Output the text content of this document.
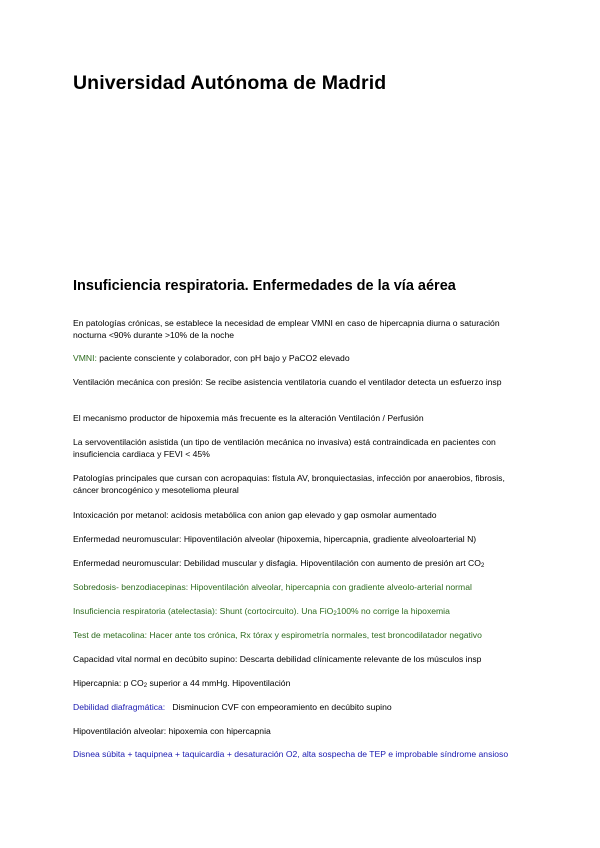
Universidad Autónoma de Madrid
Insuficiencia respiratoria. Enfermedades de la vía aérea

En patologías crónicas, se establece la necesidad de emplear VMNI en caso de hipercapnia diurna o saturación nocturna <90% durante >10% de la noche

VMNI: paciente consciente y colaborador, con pH bajo y PaCO2 elevado

Ventilación mecánica con presión: Se recibe asistencia ventilatoria cuando el ventilador detecta un esfuerzo insp

El mecanismo productor de hipoxemia más frecuente es la alteración Ventilación / Perfusión

La servoventilación asistida (un tipo de ventilación mecánica no invasiva) está contraindicada en pacientes con insuficiencia cardiaca y FEVI < 45%

Patologías principales que cursan con acropaquias: fístula AV, bronquiectasias, infección por anaerobios, fibrosis, cáncer broncogénico y mesotelioma pleural

Intoxicación por metanol: acidosis metabólica con anion gap elevado y gap osmolar aumentado

Enfermedad neuromuscular: Hipoventilación alveolar (hipoxemia, hipercapnia, gradiente alveoloarterial N)

Enfermedad neuromuscular: Debilidad muscular y disfagia. Hipoventilación con aumento de presión art CO2

Sobredosis- benzodiacepinas: Hipoventilación alveolar, hipercapnia con gradiente alveolo-arterial normal

Insuficiencia respiratoria (atelectasia): Shunt (cortocircuito). Una FiO2100% no corrige la hipoxemia

Test de metacolina: Hacer ante tos crónica, Rx tórax y espirometría normales, test broncodilatador negativo

Capacidad vital normal en decúbito supino: Descarta debilidad clínicamente relevante de los músculos insp

Hipercapnia: p CO2 superior a 44 mmHg. Hipoventilación

Debilidad diafragmática:   Disminucion CVF con empeoramiento en decúbito supino

Hipoventilación alveolar: hipoxemia con hipercapnia

Disnea súbita + taquipnea + taquicardia + desaturación O2, alta sospecha de TEP e improbable síndrome ansioso
